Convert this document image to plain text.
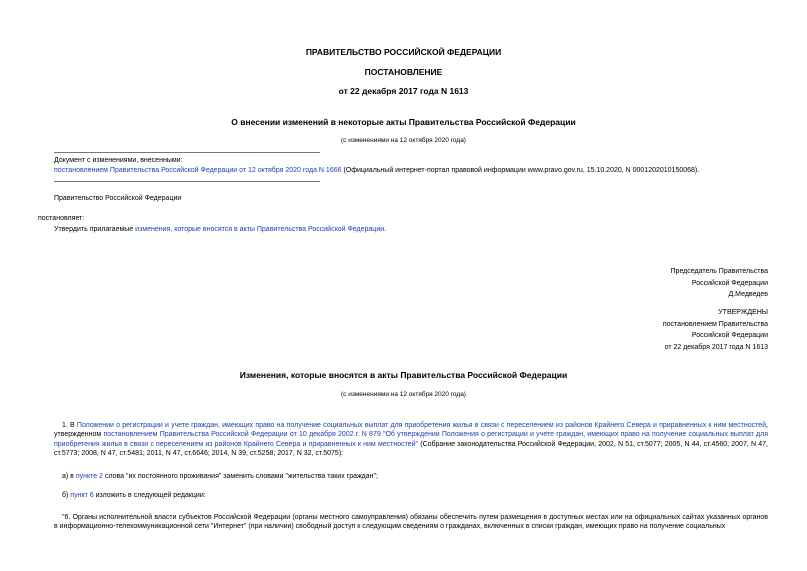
ПРАВИТЕЛЬСТВО РОССИЙСКОЙ ФЕДЕРАЦИИ
ПОСТАНОВЛЕНИЕ
от 22 декабря 2017 года N 1613
О внесении изменений в некоторые акты Правительства Российской Федерации
(с изменениями на 12 октября 2020 года)
Документ с изменениями, внесенными:
постановлением Правительства Российской Федерации от 12 октября 2020 года N 1666 (Официальный интернет-портал правовой информации www.pravo.gov.ru, 15.10.2020, N 0001202010150068).
Правительство Российской Федерации
постановляет:
Утвердить прилагаемые изменения, которые вносятся в акты Правительства Российской Федерации.
Председатель Правительства
Российской Федерации
Д.Медведев
УТВЕРЖДЕНЫ
постановлением Правительства
Российской Федерации
от 22 декабря 2017 года N 1613
Изменения, которые вносятся в акты Правительства Российской Федерации
(с изменениями на 12 октября 2020 года)
1. В Положении о регистрации и учете граждан, имеющих право на получение социальных выплат для приобретения жилья в связи с переселением из районов Крайнего Севера и приравненных к ним местностей, утвержденном постановлением Правительства Российской Федерации от 10 декабря 2002 г. N 879 "Об утверждении Положения о регистрации и учете граждан, имеющих право на получение социальных выплат для приобретения жилья в связи с переселением из районов Крайнего Севера и приравненных к ним местностей" (Собрание законодательства Российской Федерации, 2002, N 51, ст.5077; 2005, N 44, ст.4560; 2007, N 47, ст.5773; 2008, N 47, ст.5481; 2011, N 47, ст.6646; 2014, N 39, ст.5258; 2017, N 32, ст.5075):
а) в пункте 2 слова "их постоянного проживания" заменить словами "жительства таких граждан";
б) пункт 6 изложить в следующей редакции:
"6. Органы исполнительной власти субъектов Российской Федерации (органы местного самоуправления) обязаны обеспечить путем размещения в доступных местах или на официальных сайтах указанных органов в информационно-телекоммуникационной сети "Интернет" (при наличии) свободный доступ к следующим сведениям о гражданах, включенных в списки граждан, имеющих право на получение социальных
